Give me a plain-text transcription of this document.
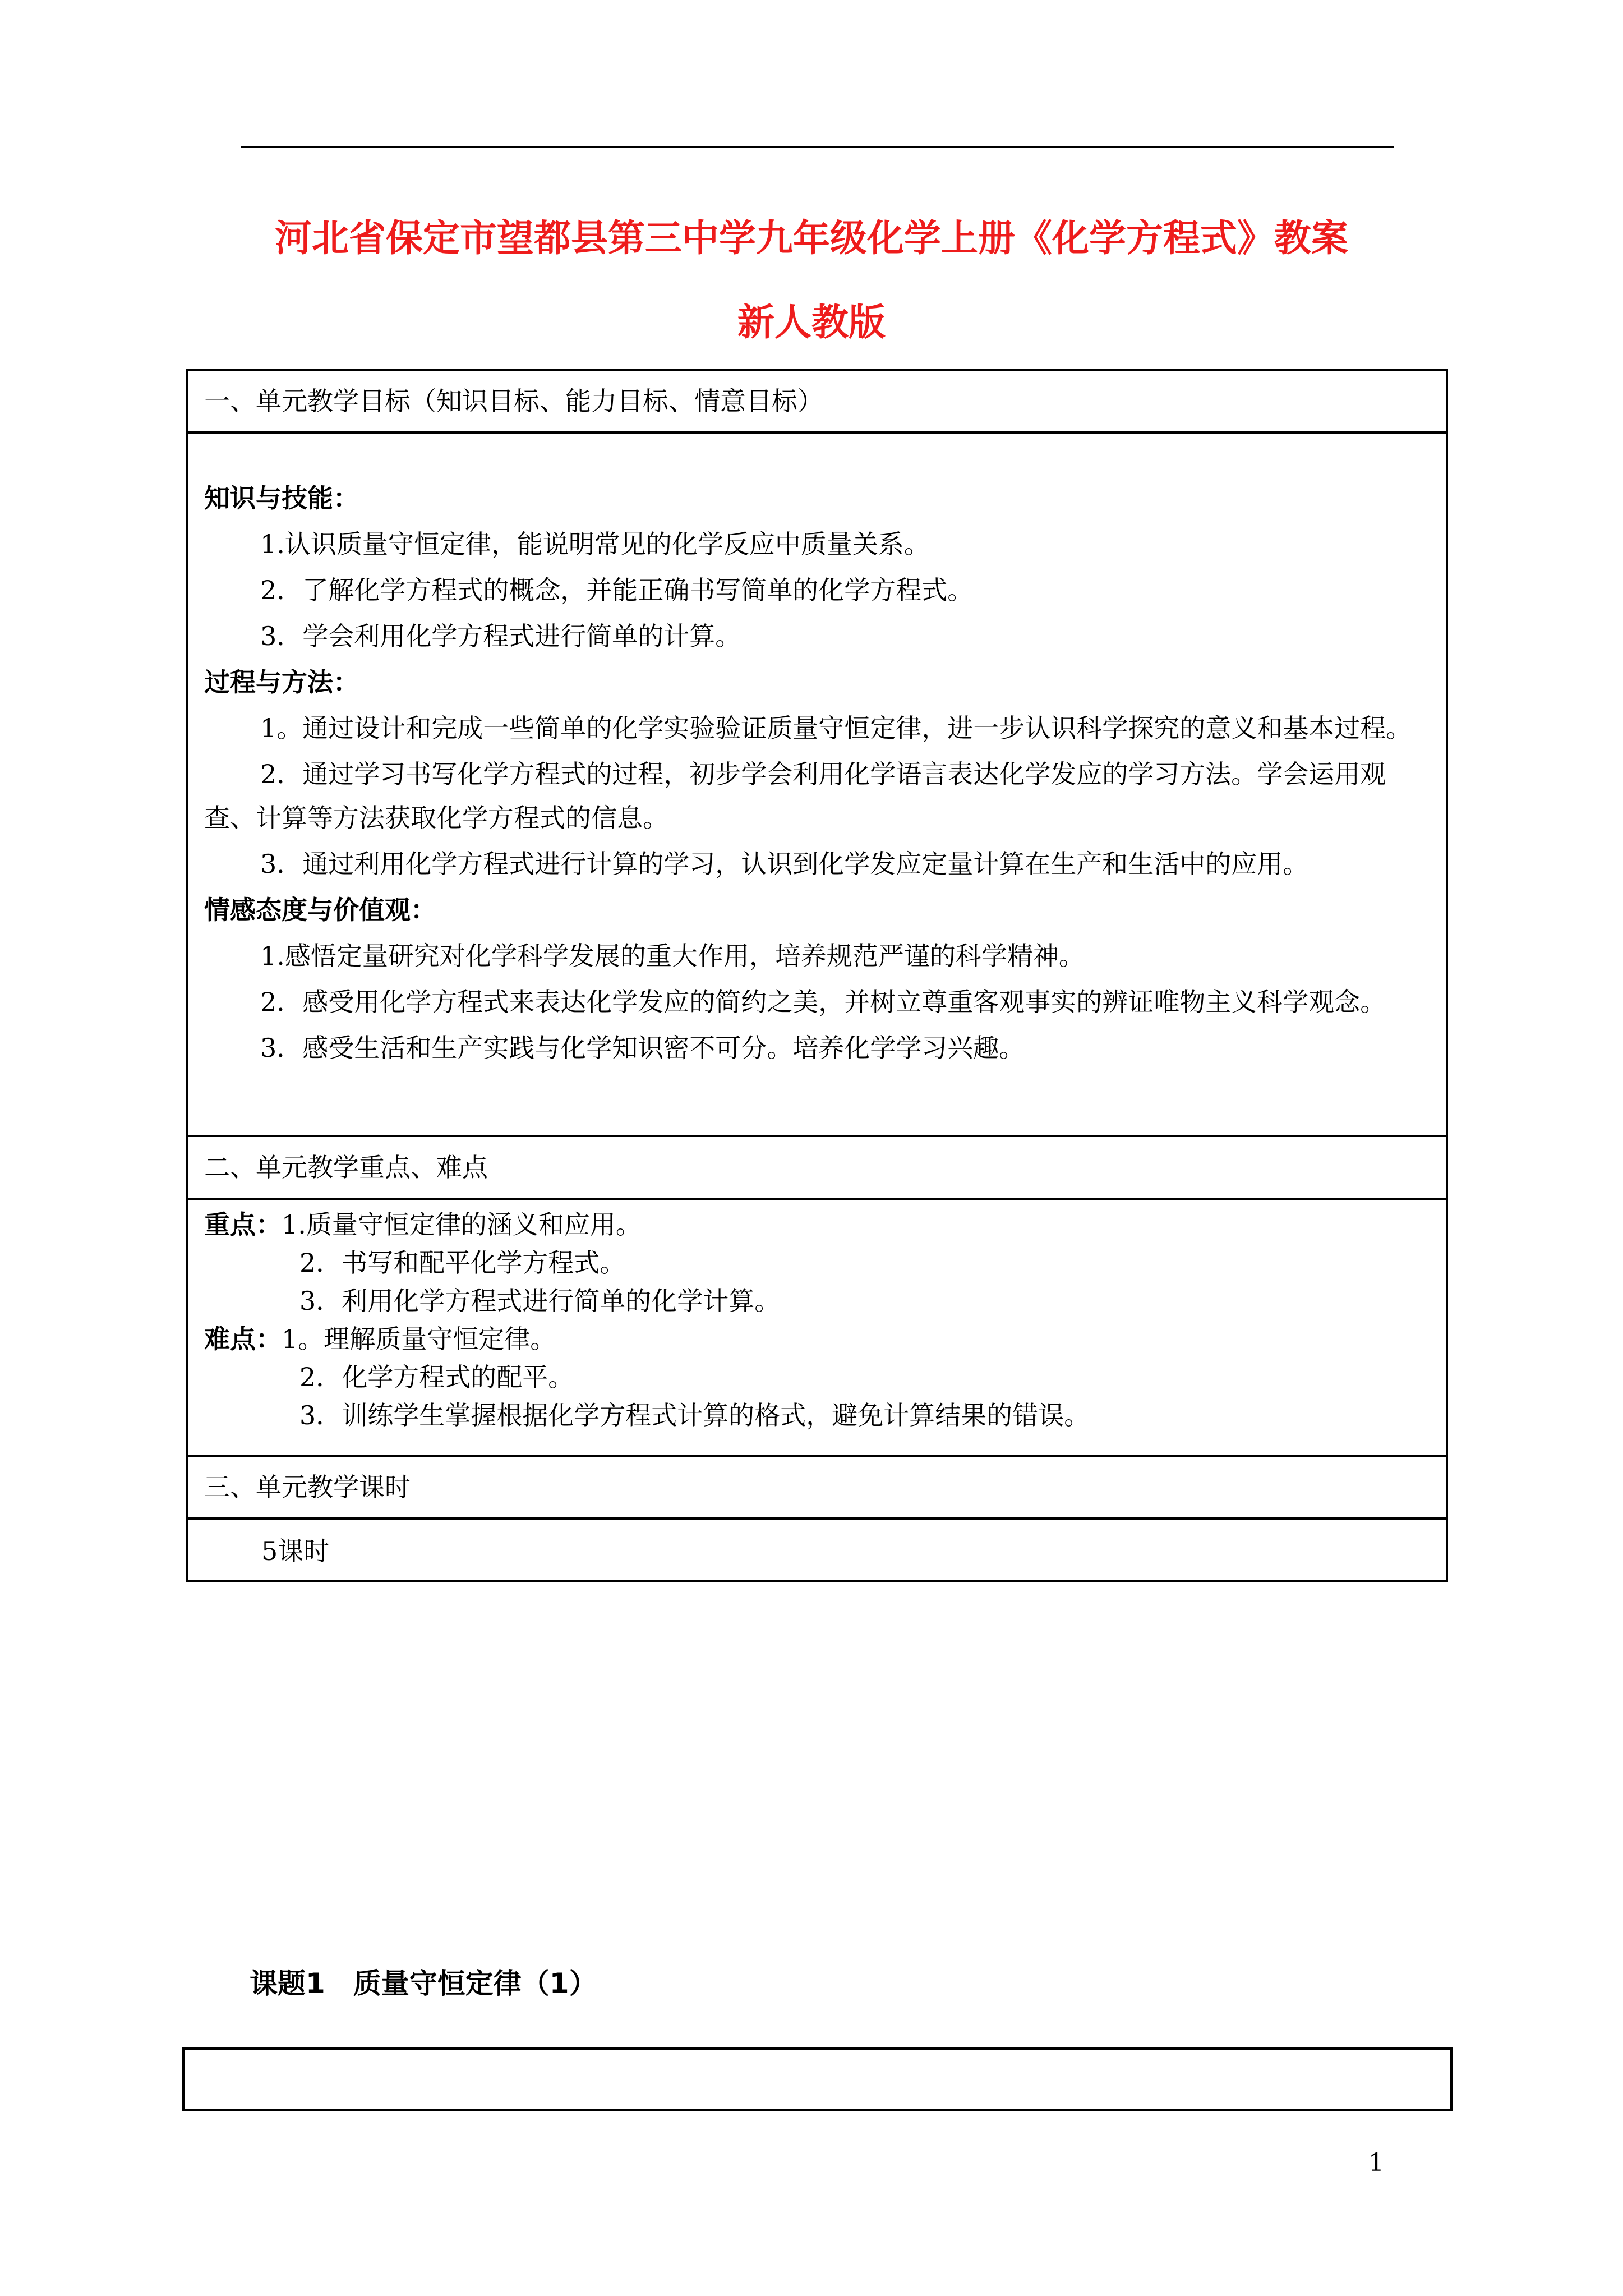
河北省保定市望都县第三中学九年级化学上册《化学方程式》教案
新人教版
一、单元教学目标（知识目标、能力目标、情意目标）
知识与技能：
1.认识质量守恒定律，能说明常见的化学反应中质量关系。
2．了解化学方程式的概念，并能正确书写简单的化学方程式。
3．学会利用化学方程式进行简单的计算。
过程与方法：
1。通过设计和完成一些简单的化学实验验证质量守恒定律，进一步认识科学探究的意义和基本过程。
2．通过学习书写化学方程式的过程，初步学会利用化学语言表达化学发应的学习方法。学会运用观查、计算等方法获取化学方程式的信息。
3．通过利用化学方程式进行计算的学习，认识到化学发应定量计算在生产和生活中的应用。
情感态度与价值观：
1.感悟定量研究对化学科学发展的重大作用，培养规范严谨的科学精神。
2．感受用化学方程式来表达化学发应的简约之美，并树立尊重客观事实的辨证唯物主义科学观念。
3．感受生活和生产实践与化学知识密不可分。培养化学学习兴趣。
二、单元教学重点、难点
重点：1.质量守恒定律的涵义和应用。
2．书写和配平化学方程式。
3．利用化学方程式进行简单的化学计算。
难点：1。理解质量守恒定律。
2．化学方程式的配平。
3．训练学生掌握根据化学方程式计算的格式，避免计算结果的错误。
三、单元教学课时
5课时
课题1　质量守恒定律（1）
1
